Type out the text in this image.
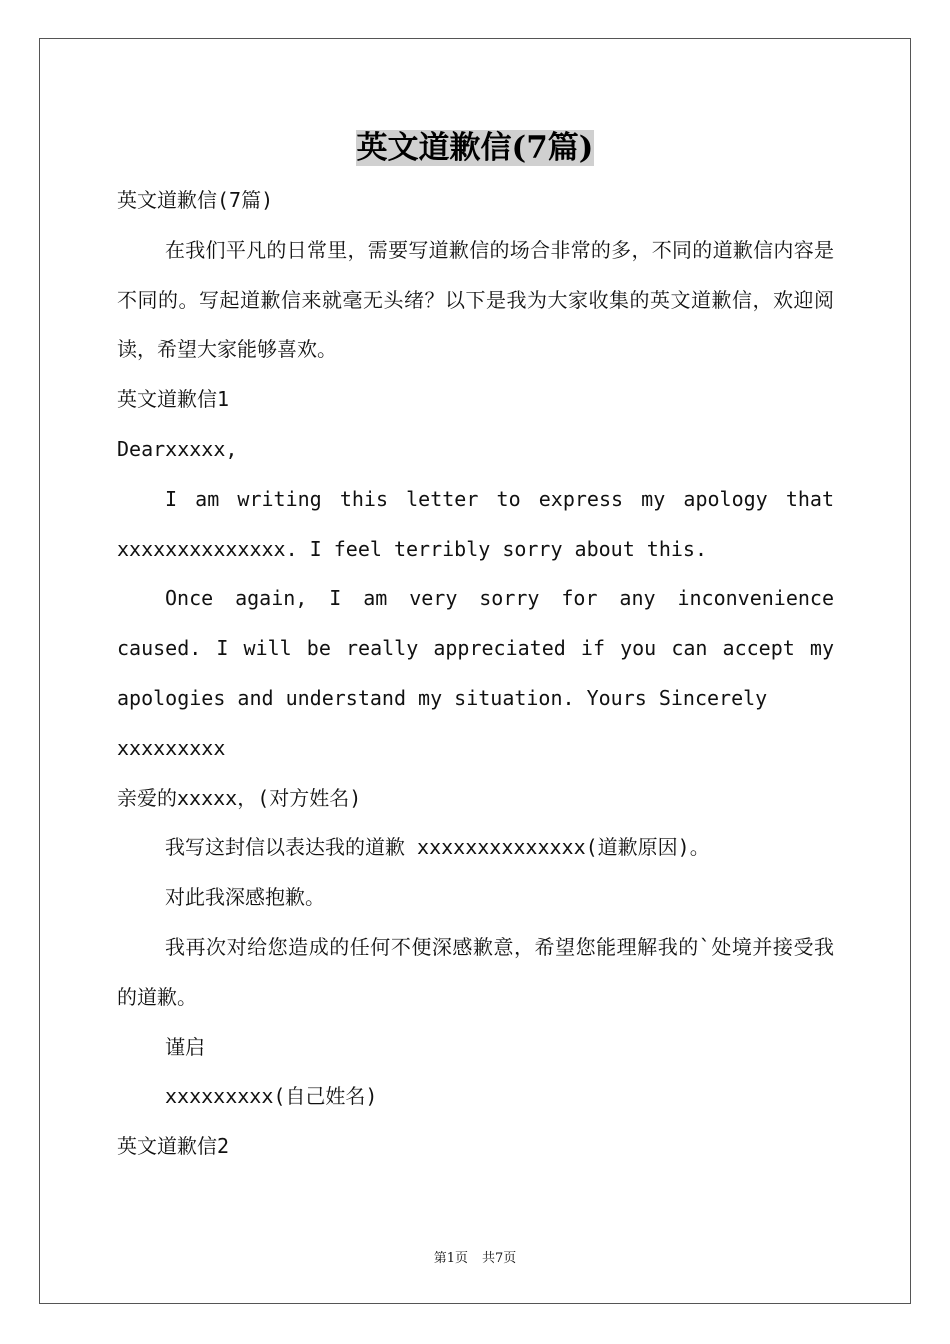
英文道歉信(7篇)

英文道歉信(7篇)

在我们平凡的日常里，需要写道歉信的场合非常的多，不同的道歉信内容是不同的。写起道歉信来就毫无头绪？以下是我为大家收集的英文道歉信，欢迎阅读，希望大家能够喜欢。

英文道歉信1

Dearxxxxx,

I am writing this letter to express my apology that xxxxxxxxxxxxxx. I feel terribly sorry about this.

Once again, I am very sorry for any inconvenience caused. I will be really appreciated if you can accept my apologies and understand my situation. Yours Sincerely

xxxxxxxxx

亲爱的xxxxx，(对方姓名)

我写这封信以表达我的道歉 xxxxxxxxxxxxxx(道歉原因)。

对此我深感抱歉。

我再次对给您造成的任何不便深感歉意，希望您能理解我的`处境并接受我的道歉。

谨启

xxxxxxxxx(自己姓名)

英文道歉信2

第1页 共7页
